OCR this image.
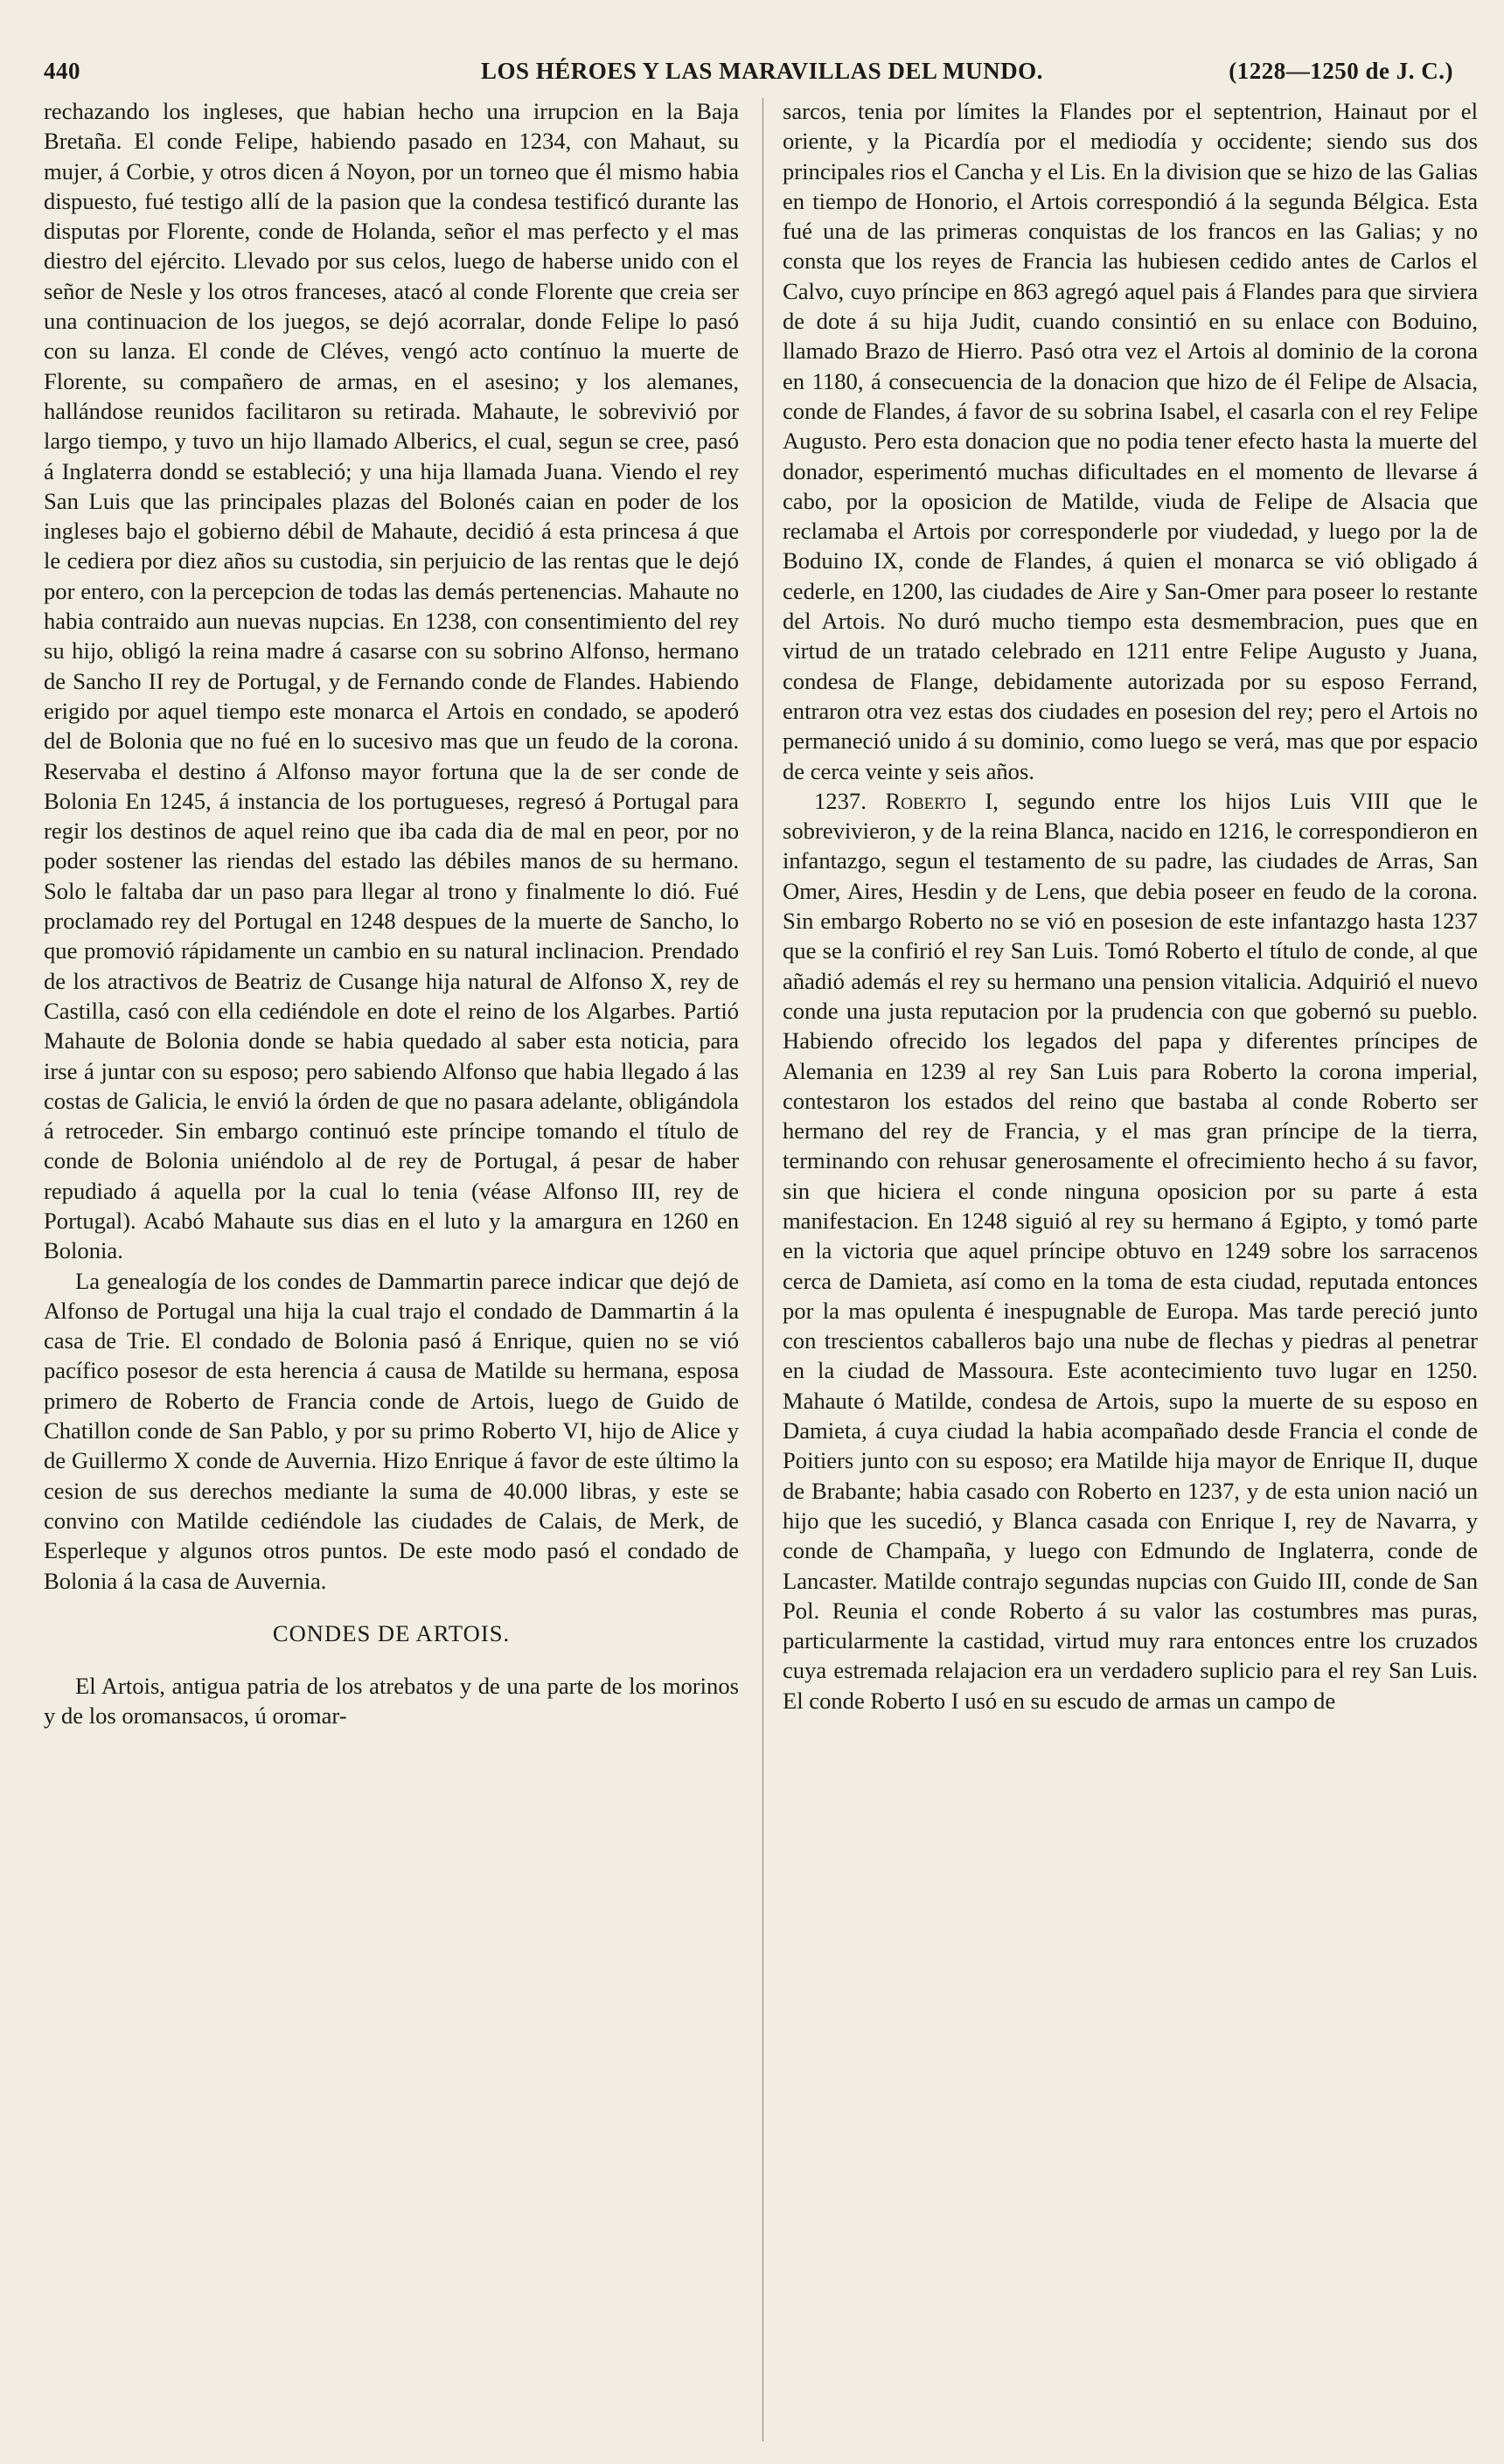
440	LOS HÉROES Y LAS MARAVILLAS DEL MUNDO.	(1228—1250 de J. C.)

rechazando los ingleses, que habian hecho una irrupcion en la Baja Bretaña. El conde Felipe, habiendo pasado en 1234, con Mahaut, su mujer, á Corbie, y otros dicen á Noyon, por un torneo que él mismo habia dispuesto, fué testigo allí de la pasion que la condesa testificó durante las disputas por Florente, conde de Holanda, señor el mas perfecto y el mas diestro del ejército. Llevado por sus celos, luego de haberse unido con el señor de Nesle y los otros franceses, atacó al conde Florente que creia ser una continuacion de los juegos, se dejó acorralar, donde Felipe lo pasó con su lanza. El conde de Cléves, vengó acto contínuo la muerte de Florente, su compañero de armas, en el asesino; y los alemanes, hallándose reunidos facilitaron su retirada. Mahaute, le sobrevivió por largo tiempo, y tuvo un hijo llamado Alberics, el cual, segun se cree, pasó á Inglaterra dondd se estableció; y una hija llamada Juana. Viendo el rey San Luis que las principales plazas del Bolonés caian en poder de los ingleses bajo el gobierno débil de Mahaute, decidió á esta princesa á que le cediera por diez años su custodia, sin perjuicio de las rentas que le dejó por entero, con la percepcion de todas las demás pertenencias. Mahaute no habia contraido aun nuevas nupcias. En 1238, con consentimiento del rey su hijo, obligó la reina madre á casarse con su sobrino Alfonso, hermano de Sancho II rey de Portugal, y de Fernando conde de Flandes. Habiendo erigido por aquel tiempo este monarca el Artois en condado, se apoderó del de Bolonia que no fué en lo sucesivo mas que un feudo de la corona. Reservaba el destino á Alfonso mayor fortuna que la de ser conde de Bolonia En 1245, á instancia de los portugueses, regresó á Portugal para regir los destinos de aquel reino que iba cada dia de mal en peor, por no poder sostener las riendas del estado las débiles manos de su hermano. Solo le faltaba dar un paso para llegar al trono y finalmente lo dió. Fué proclamado rey del Portugal en 1248 despues de la muerte de Sancho, lo que promovió rápidamente un cambio en su natural inclinacion. Prendado de los atractivos de Beatriz de Cusange hija natural de Alfonso X, rey de Castilla, casó con ella cediéndole en dote el reino de los Algarbes. Partió Mahaute de Bolonia donde se habia quedado al saber esta noticia, para irse á juntar con su esposo; pero sabiendo Alfonso que habia llegado á las costas de Galicia, le envió la órden de que no pasara adelante, obligándola á retroceder. Sin embargo continuó este príncipe tomando el título de conde de Bolonia uniéndolo al de rey de Portugal, á pesar de haber repudiado á aquella por la cual lo tenia (véase Alfonso III, rey de Portugal). Acabó Mahaute sus dias en el luto y la amargura en 1260 en Bolonia.

La genealogía de los condes de Dammartin parece indicar que dejó de Alfonso de Portugal una hija la cual trajo el condado de Dammartin á la casa de Trie. El condado de Bolonia pasó á Enrique, quien no se vió pacífico posesor de esta herencia á causa de Matilde su hermana, esposa primero de Roberto de Francia conde de Artois, luego de Guido de Chatillon conde de San Pablo, y por su primo Roberto VI, hijo de Alice y de Guillermo X conde de Auvernia. Hizo Enrique á favor de este último la cesion de sus derechos mediante la suma de 40.000 libras, y este se convino con Matilde cediéndole las ciudades de Calais, de Merk, de Esperleque y algunos otros puntos. De este modo pasó el condado de Bolonia á la casa de Auvernia.

CONDES DE ARTOIS.

El Artois, antigua patria de los atrebatos y de una parte de los morinos y de los oromansacos, ú oromar-

sarcos, tenia por límites la Flandes por el septentrion, Hainaut por el oriente, y la Picardía por el mediodía y occidente; siendo sus dos principales rios el Cancha y el Lis. En la division que se hizo de las Galias en tiempo de Honorio, el Artois correspondió á la segunda Bélgica. Esta fué una de las primeras conquistas de los francos en las Galias; y no consta que los reyes de Francia las hubiesen cedido antes de Carlos el Calvo, cuyo príncipe en 863 agregó aquel pais á Flandes para que sirviera de dote á su hija Judit, cuando consintió en su enlace con Boduino, llamado Brazo de Hierro. Pasó otra vez el Artois al dominio de la corona en 1180, á consecuencia de la donacion que hizo de él Felipe de Alsacia, conde de Flandes, á favor de su sobrina Isabel, el casarla con el rey Felipe Augusto. Pero esta donacion que no podia tener efecto hasta la muerte del donador, esperimentó muchas dificultades en el momento de llevarse á cabo, por la oposicion de Matilde, viuda de Felipe de Alsacia que reclamaba el Artois por corresponderle por viudedad, y luego por la de Boduino IX, conde de Flandes, á quien el monarca se vió obligado á cederle, en 1200, las ciudades de Aire y San-Omer para poseer lo restante del Artois. No duró mucho tiempo esta desmembracion, pues que en virtud de un tratado celebrado en 1211 entre Felipe Augusto y Juana, condesa de Flange, debidamente autorizada por su esposo Ferrand, entraron otra vez estas dos ciudades en posesion del rey; pero el Artois no permaneció unido á su dominio, como luego se verá, mas que por espacio de cerca veinte y seis años.

1237. Roberto I, segundo entre los hijos Luis VIII que le sobrevivieron, y de la reina Blanca, nacido en 1216, le correspondieron en infantazgo, segun el testamento de su padre, las ciudades de Arras, San Omer, Aires, Hesdin y de Lens, que debia poseer en feudo de la corona. Sin embargo Roberto no se vió en posesion de este infantazgo hasta 1237 que se la confirió el rey San Luis. Tomó Roberto el título de conde, al que añadió además el rey su hermano una pension vitalicia. Adquirió el nuevo conde una justa reputacion por la prudencia con que gobernó su pueblo. Habiendo ofrecido los legados del papa y diferentes príncipes de Alemania en 1239 al rey San Luis para Roberto la corona imperial, contestaron los estados del reino que bastaba al conde Roberto ser hermano del rey de Francia, y el mas gran príncipe de la tierra, terminando con rehusar generosamente el ofrecimiento hecho á su favor, sin que hiciera el conde ninguna oposicion por su parte á esta manifestacion. En 1248 siguió al rey su hermano á Egipto, y tomó parte en la victoria que aquel príncipe obtuvo en 1249 sobre los sarracenos cerca de Damieta, así como en la toma de esta ciudad, reputada entonces por la mas opulenta é inespugnable de Europa. Mas tarde pereció junto con trescientos caballeros bajo una nube de flechas y piedras al penetrar en la ciudad de Massoura. Este acontecimiento tuvo lugar en 1250. Mahaute ó Matilde, condesa de Artois, supo la muerte de su esposo en Damieta, á cuya ciudad la habia acompañado desde Francia el conde de Poitiers junto con su esposo; era Matilde hija mayor de Enrique II, duque de Brabante; habia casado con Roberto en 1237, y de esta union nació un hijo que les sucedió, y Blanca casada con Enrique I, rey de Navarra, y conde de Champaña, y luego con Edmundo de Inglaterra, conde de Lancaster. Matilde contrajo segundas nupcias con Guido III, conde de San Pol. Reunia el conde Roberto á su valor las costumbres mas puras, particularmente la castidad, virtud muy rara entonces entre los cruzados cuya estremada relajacion era un verdadero suplicio para el rey San Luis. El conde Roberto I usó en su escudo de armas un campo de
